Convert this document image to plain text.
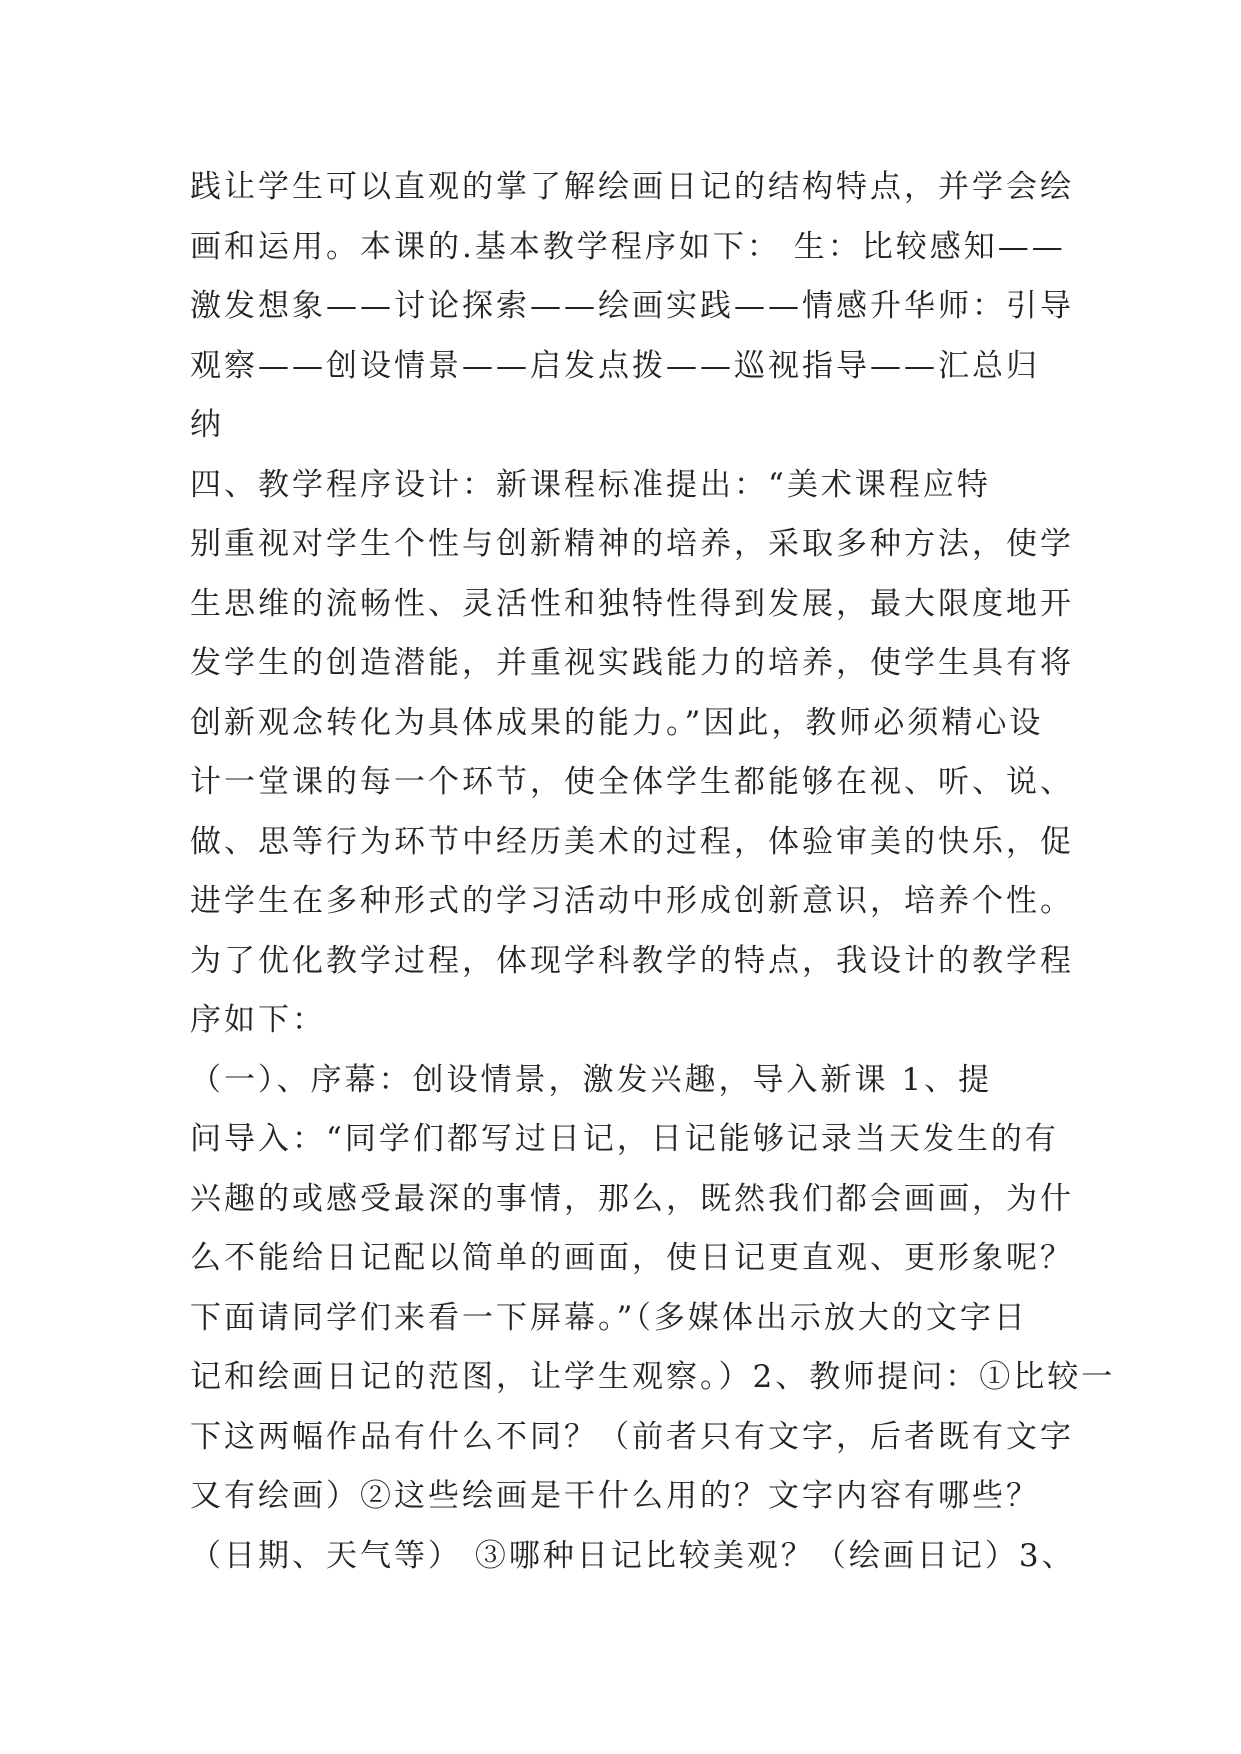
践让学生可以直观的掌了解绘画日记的结构特点，并学会绘
画和运用。本课的.基本教学程序如下： 生：比较感知——
激发想象——讨论探索——绘画实践——情感升华师：引导
观察——创设情景——启发点拨——巡视指导——汇总归
纳
四、教学程序设计：新课程标准提出：“美术课程应特
别重视对学生个性与创新精神的培养，采取多种方法，使学
生思维的流畅性、灵活性和独特性得到发展，最大限度地开
发学生的创造潜能，并重视实践能力的培养，使学生具有将
创新观念转化为具体成果的能力。”因此，教师必须精心设
计一堂课的每一个环节，使全体学生都能够在视、听、说、
做、思等行为环节中经历美术的过程，体验审美的快乐，促
进学生在多种形式的学习活动中形成创新意识，培养个性。
为了优化教学过程，体现学科教学的特点，我设计的教学程
序如下：
（一）、序幕：创设情景，激发兴趣，导入新课 1、提
问导入：“同学们都写过日记，日记能够记录当天发生的有
兴趣的或感受最深的事情，那么，既然我们都会画画，为什
么不能给日记配以简单的画面，使日记更直观、更形象呢？
下面请同学们来看一下屏幕。”（多媒体出示放大的文字日
记和绘画日记的范图，让学生观察。）2、教师提问：①比较一
下这两幅作品有什么不同？（前者只有文字，后者既有文字
又有绘画）②这些绘画是干什么用的？文字内容有哪些？
（日期、天气等） ③哪种日记比较美观？（绘画日记）3、
